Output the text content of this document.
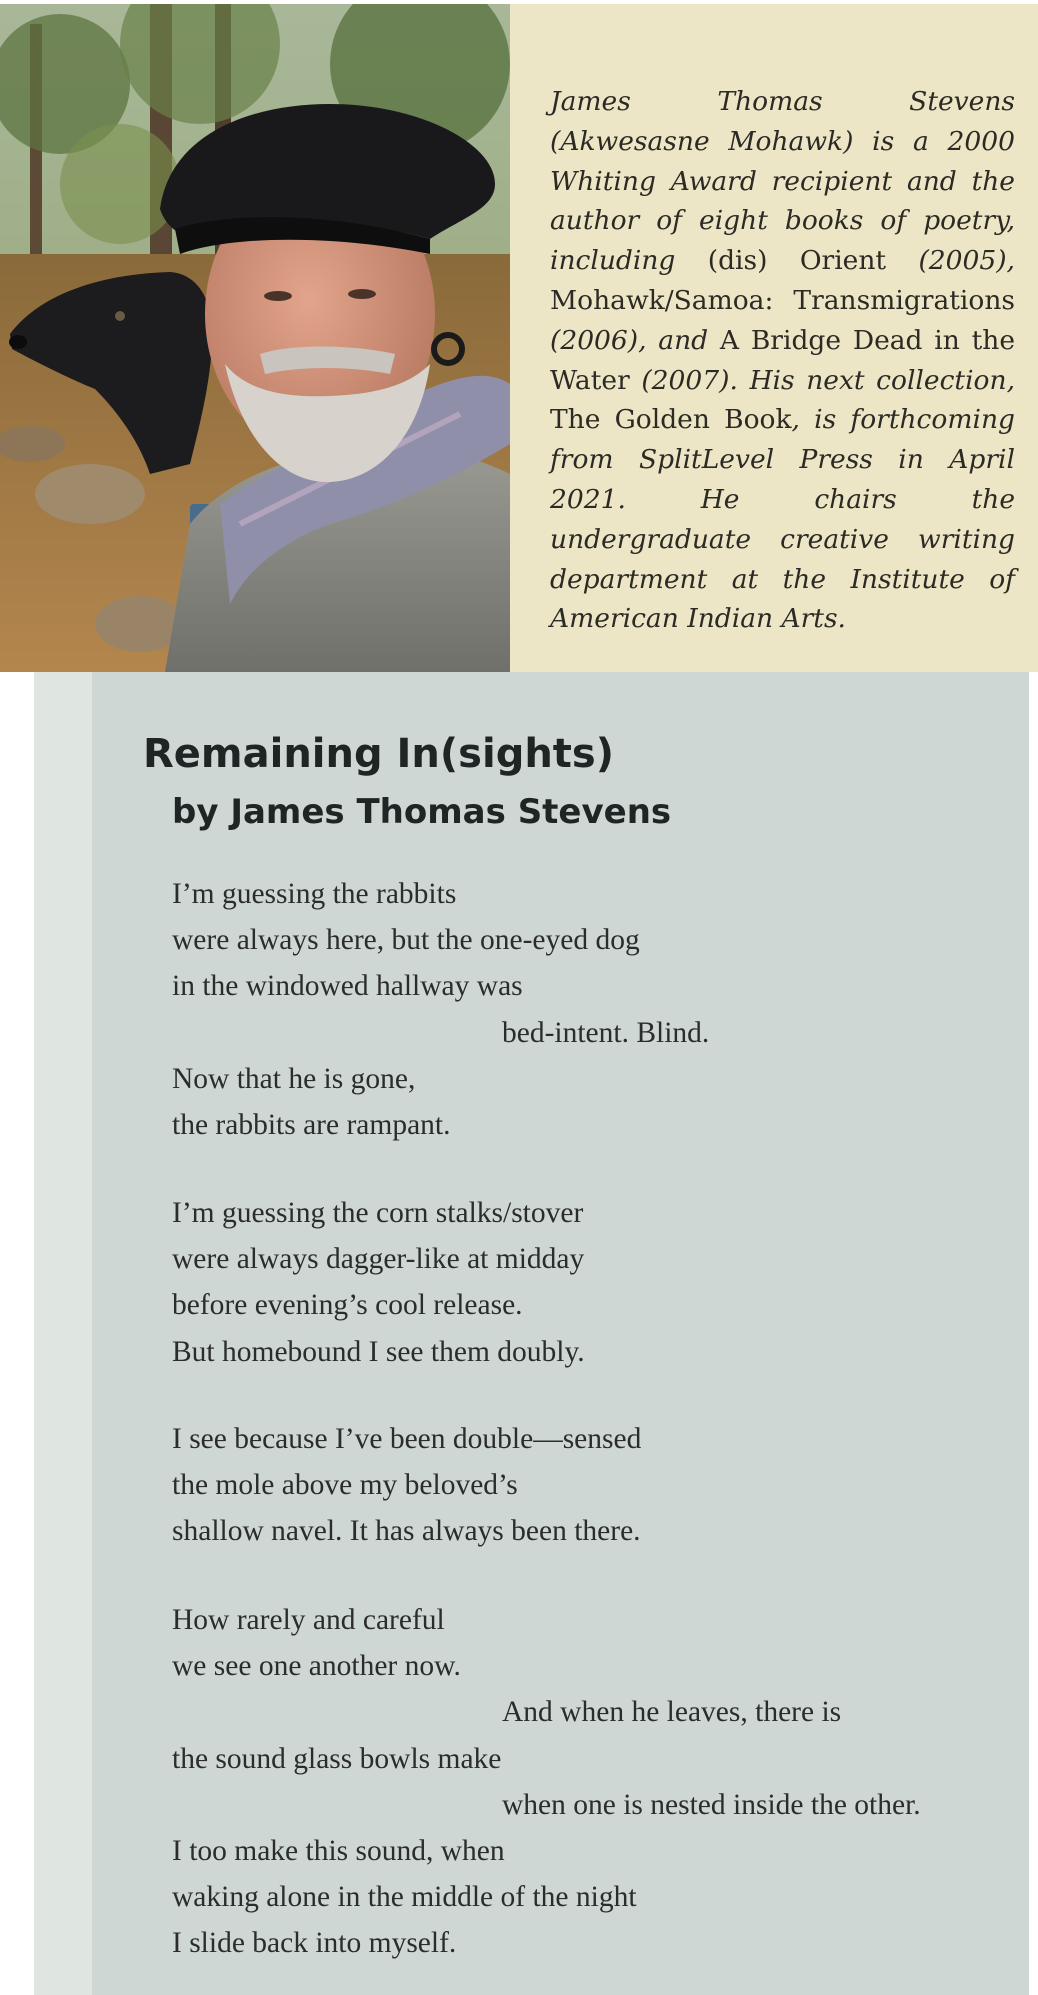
James Thomas Stevens (Akwesasne Mohawk) is a 2000 Whiting Award recipient and the author of eight books of poetry, including (dis) Orient (2005), Mohawk/Samoa: Transmigrations (2006), and A Bridge Dead in the Water (2007). His next collection, The Golden Book, is forthcoming from SplitLevel Press in April 2021. He chairs the undergraduate creative writing department at the Institute of American Indian Arts.

Remaining In(sights)
by James Thomas Stevens
I’m guessing the rabbits
were always here, but the one-eyed dog
in the windowed hallway was
bed-intent. Blind.
Now that he is gone,
the rabbits are rampant.
I’m guessing the corn stalks/stover
were always dagger-like at midday
before evening’s cool release.
But homebound I see them doubly.
I see because I’ve been double—sensed
the mole above my beloved’s
shallow navel. It has always been there.
How rarely and careful
we see one another now.
And when he leaves, there is
the sound glass bowls make
when one is nested inside the other.
I too make this sound, when
waking alone in the middle of the night
I slide back into myself.
